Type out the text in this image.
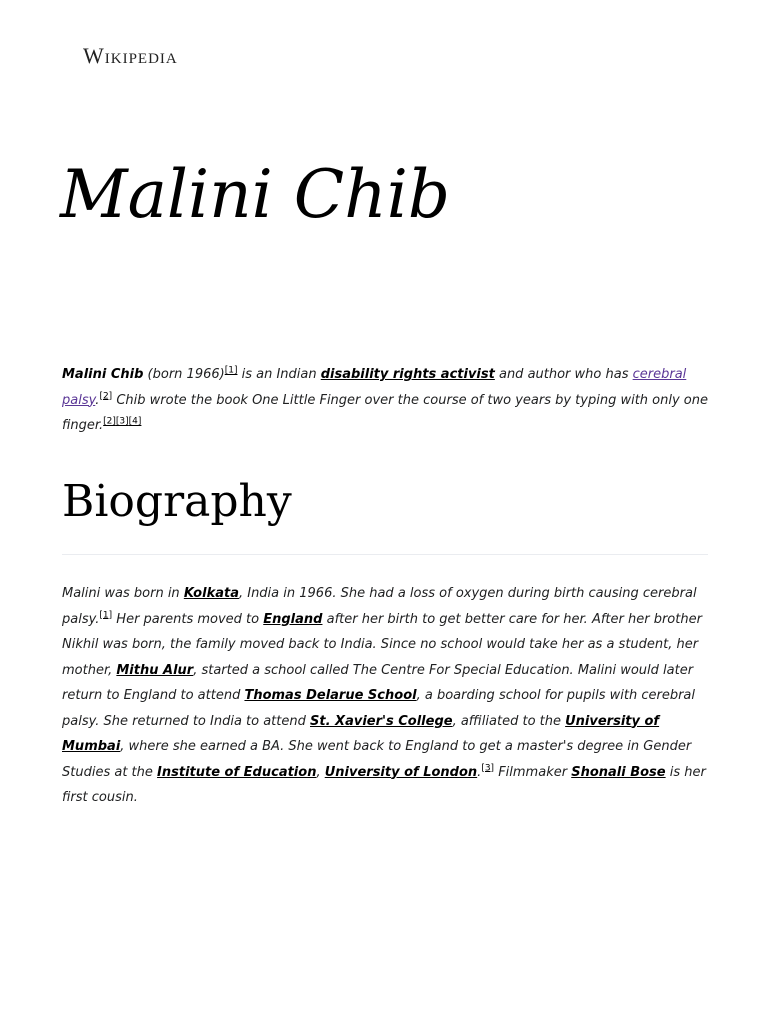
Wikipedia
Malini Chib

Malini Chib (born 1966)[1] is an Indian disability rights activist and author who has cerebral palsy.[2] Chib wrote the book One Little Finger over the course of two years by typing with only one finger.[2][3][4]

Biography

Malini was born in Kolkata, India in 1966. She had a loss of oxygen during birth causing cerebral palsy.[1] Her parents moved to England after her birth to get better care for her. After her brother Nikhil was born, the family moved back to India. Since no school would take her as a student, her mother, Mithu Alur, started a school called The Centre For Special Education. Malini would later return to England to attend Thomas Delarue School, a boarding school for pupils with cerebral palsy. She returned to India to attend St. Xavier's College, affiliated to the University of Mumbai, where she earned a BA. She went back to England to get a master's degree in Gender Studies at the Institute of Education, University of London.[3] Filmmaker Shonali Bose is her first cousin.
